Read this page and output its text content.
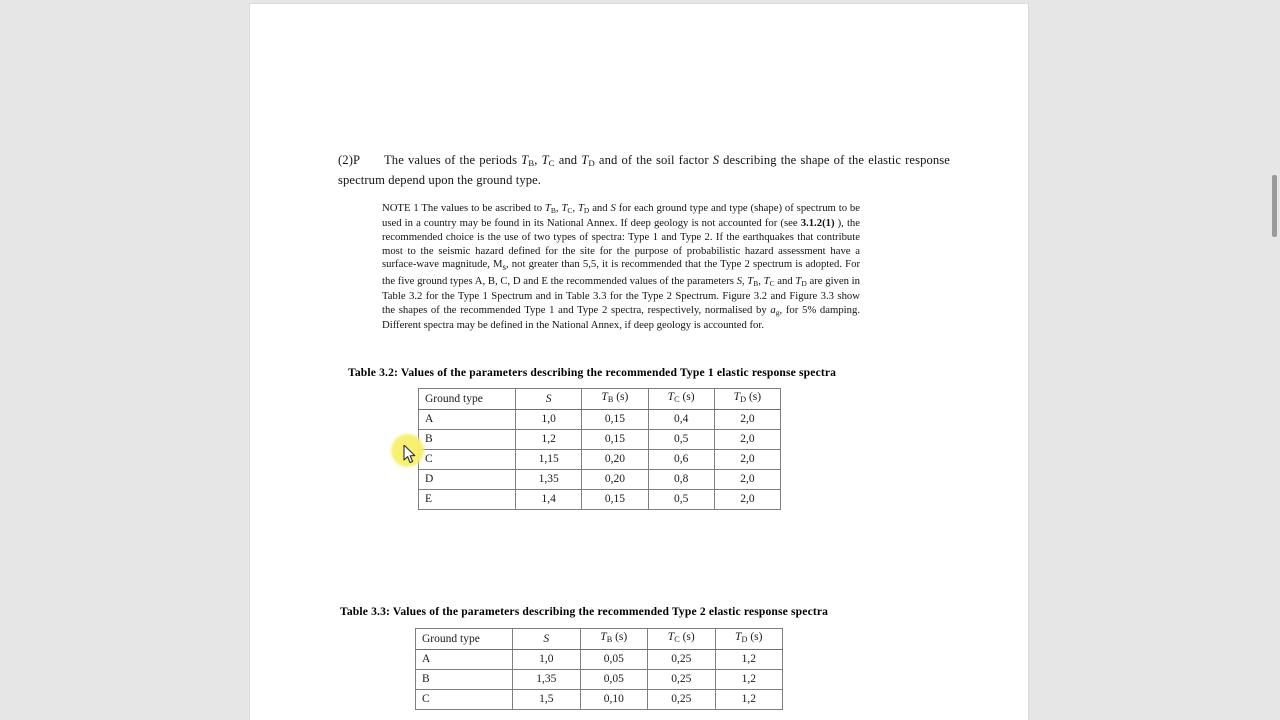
(2)P The values of the periods $T_B$, $T_C$ and $T_D$ and of the soil factor S describing the shape of the elastic response spectrum depend upon the ground type.

NOTE 1 The values to be ascribed to $T_B$, $T_C$, $T_D$ and S for each ground type and type (shape) of spectrum to be used in a country may be found in its National Annex. If deep geology is not accounted for (see 3.1.2(1) ), the recommended choice is the use of two types of spectra: Type 1 and Type 2. If the earthquakes that contribute most to the seismic hazard defined for the site for the purpose of probabilistic hazard assessment have a surface-wave magnitude, $M_s$, not greater than 5,5, it is recommended that the Type 2 spectrum is adopted. For the five ground types A, B, C, D and E the recommended values of the parameters S, $T_B$, $T_C$ and $T_D$ are given in Table 3.2 for the Type 1 Spectrum and in Table 3.3 for the Type 2 Spectrum. Figure 3.2 and Figure 3.3 show the shapes of the recommended Type 1 and Type 2 spectra, respectively, normalised by $a_g$, for 5% damping. Different spectra may be defined in the National Annex, if deep geology is accounted for.

Table 3.2: Values of the parameters describing the recommended Type 1 elastic response spectra

Ground type	S	$T_B$ (s)	$T_C$ (s)	$T_D$ (s)
A	1,0	0,15	0,4	2,0
B	1,2	0,15	0,5	2,0
C	1,15	0,20	0,6	2,0
D	1,35	0,20	0,8	2,0
E	1,4	0,15	0,5	2,0

Table 3.3: Values of the parameters describing the recommended Type 2 elastic response spectra

Ground type	S	$T_B$ (s)	$T_C$ (s)	$T_D$ (s)
A	1,0	0,05	0,25	1,2
B	1,35	0,05	0,25	1,2
C	1,5	0,10	0,25	1,2
